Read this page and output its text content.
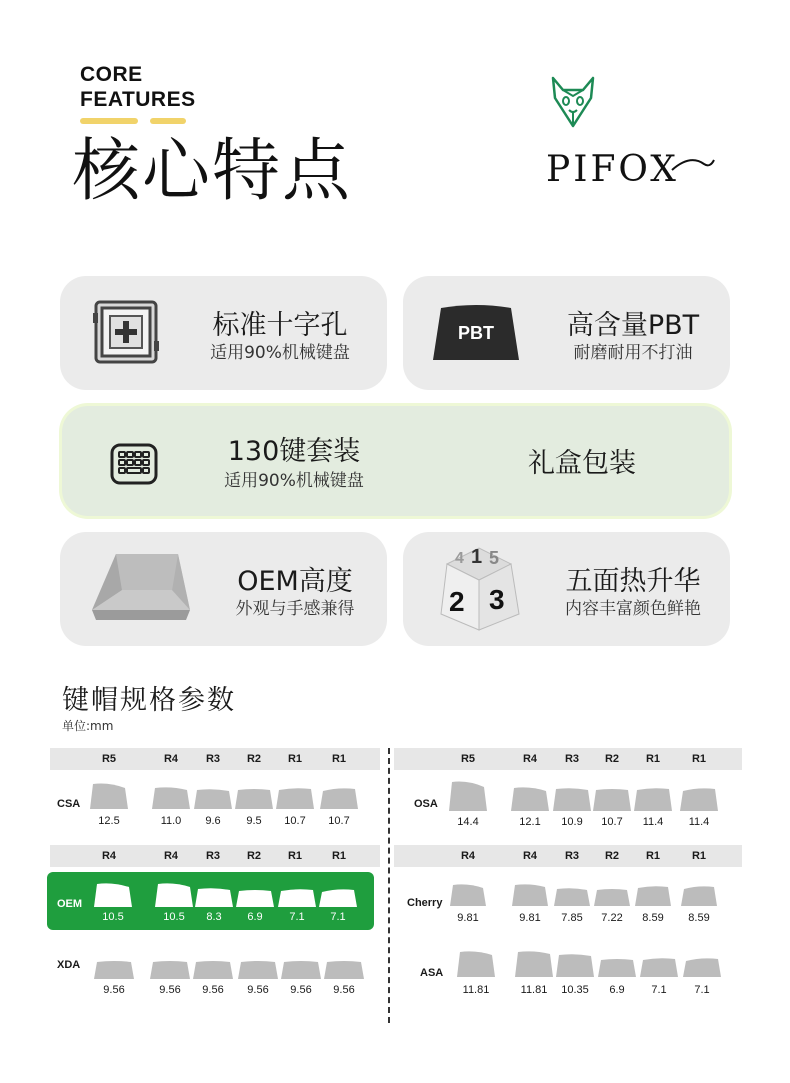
CORE
FEATURES
核心特点	PIFOX
标准十字孔
适用90%机械键盘
PBT	高含量PBT
耐磨耐用不打油
130键套装
适用90%机械键盘
礼盒包装
OEM高度
外观与手感兼得
4 1 5
2 3
五面热升华
内容丰富颜色鲜艳
键帽规格参数
单位:mm
R5	R4	R3	R2	R1	R1
CSA
12.5	11.0	9.6	9.5	10.7	10.7
R5	R4	R3	R2	R1	R1
OSA
14.4	12.1	10.9	10.7	11.4	11.4
R4	R4	R3	R2	R1	R1
OEM
10.5	10.5	8.3	6.9	7.1	7.1
XDA
9.56	9.56	9.56	9.56	9.56	9.56
R4	R4	R3	R2	R1	R1
Cherry
9.81	9.81	7.85	7.22	8.59	8.59
ASA
11.81	11.81	10.35	6.9	7.1	7.1
